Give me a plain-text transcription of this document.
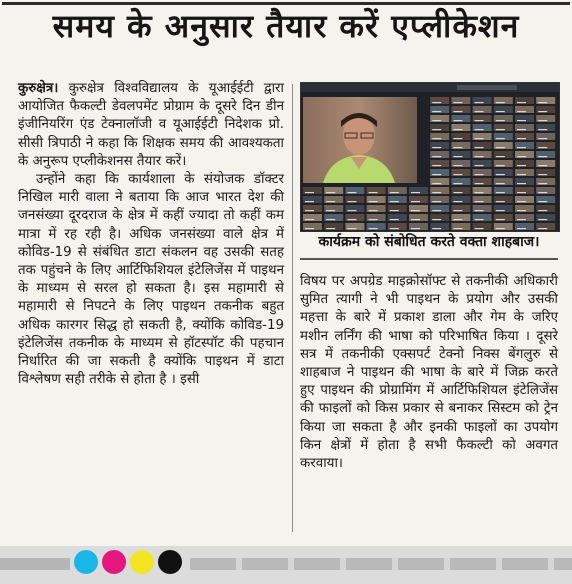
समय के अनुसार तैयार करें एप्लीकेशन

कुरुक्षेत्र। कुरुक्षेत्र विश्वविद्यालय के यूआईईटी द्वारा आयोजित फैकल्टी डेवलपमेंट प्रोग्राम के दूसरे दिन डीन इंजीनियरिंग एंड टेक्नालॉजी व यूआईईटी निदेशक प्रो. सीसी त्रिपाठी ने कहा कि शिक्षक समय की आवश्यकता के अनुरूप एप्लीकेशनस तैयार करें।

उन्होंने कहा कि कार्यशाला के संयोजक डॉक्टर निखिल मारी वाला ने बताया कि आज भारत देश की जनसंख्या दूरदराज के क्षेत्र में कहीं ज्यादा तो कहीं कम मात्रा में रह रही है। अधिक जनसंख्या वाले क्षेत्र में कोविड-19 से संबंधित डाटा संकलन वह उसकी सतह तक पहुंचने के लिए आर्टिफिशियल इंटेलिजेंस में पाइथन के माध्यम से सरल हो सकता है। इस महामारी से महामारी से निपटने के लिए पाइथन तकनीक बहुत अधिक कारगर सिद्ध हो सकती है, क्योंकि कोविड-19 इंटेलिजेंस तकनीक के माध्यम से हॉटस्पॉट की पहचान निर्धारित की जा सकती है क्योंकि पाइथन में डाटा विश्लेषण सही तरीके से होता है । इसी

कार्यक्रम को संबोधित करते वक्ता शाहबाज।

विषय पर अपग्रेड माइक्रोसॉफ्ट से तकनीकी अधिकारी सुमित त्यागी ने भी पाइथन के प्रयोग और उसकी महत्ता के बारे में प्रकाश डाला और गेम के जरिए मशीन लर्निंग की भाषा को परिभाषित किया । दूसरे सत्र में तकनीकी एक्सपर्ट टेक्नो निक्स बेंगलुरु से शाहबाज ने पाइथन की भाषा के बारे में जिक्र करते हुए पाइथन की प्रोग्रामिंग में आर्टिफिशियल इंटेलिजेंस की फाइलों को किस प्रकार से बनाकर सिस्टम को ट्रेन किया जा सकता है और इनकी फाइलों का उपयोग किन क्षेत्रों में होता है सभी फैकल्टी को अवगत करवाया।
